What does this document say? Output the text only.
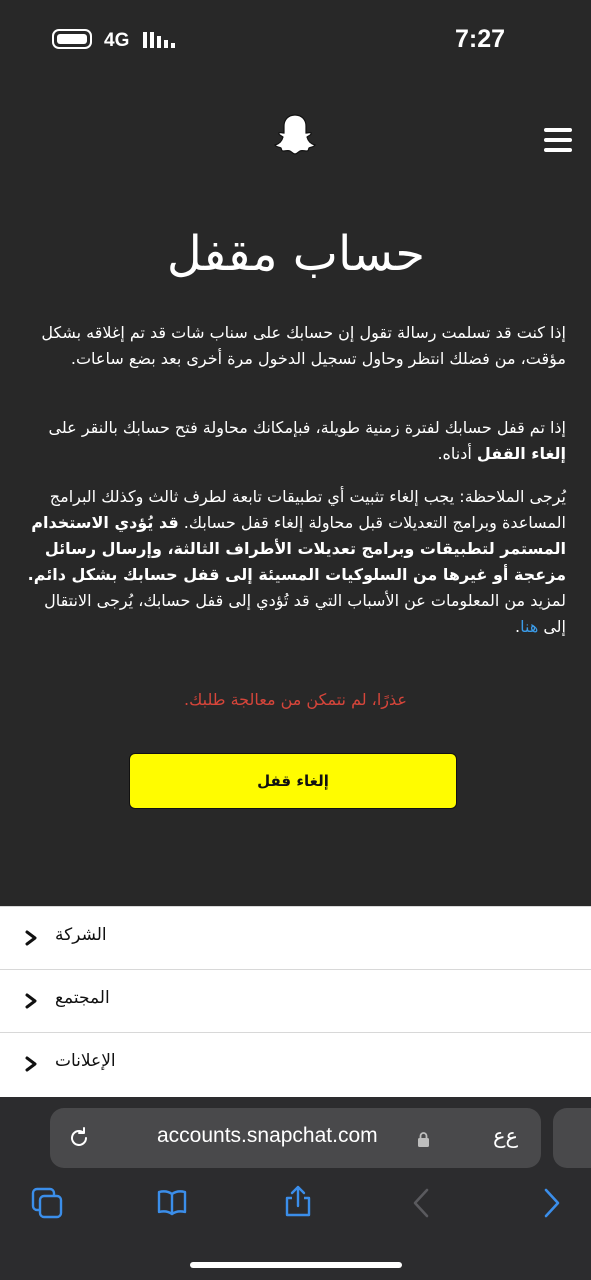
4G	7:27
حساب مقفل
إذا كنت قد تسلمت رسالة تقول إن حسابك على سناب شات قد تم إغلاقه بشكل مؤقت، من فضلك انتظر وحاول تسجيل الدخول مرة أخرى بعد بضع ساعات.
إذا تم قفل حسابك لفترة زمنية طويلة، فبإمكانك محاولة فتح حسابك بالنقر على إلغاء القفل أدناه.
يُرجى الملاحظة: يجب إلغاء تثبيت أي تطبيقات تابعة لطرف ثالث وكذلك البرامج المساعدة وبرامج التعديلات قبل محاولة إلغاء قفل حسابك. قد يُؤدي الاستخدام المستمر لتطبيقات وبرامج تعديلات الأطراف الثالثة، وإرسال رسائل مزعجة أو غيرها من السلوكيات المسيئة إلى قفل حسابك بشكل دائم. لمزيد من المعلومات عن الأسباب التي قد تُؤدي إلى قفل حسابك، يُرجى الانتقال إلى هنا.
عذرًا، لم نتمكن من معالجة طلبك.
إلغاء قفل
الشركة
المجتمع
الإعلانات
accounts.snapchat.com	ﻉﻉ
